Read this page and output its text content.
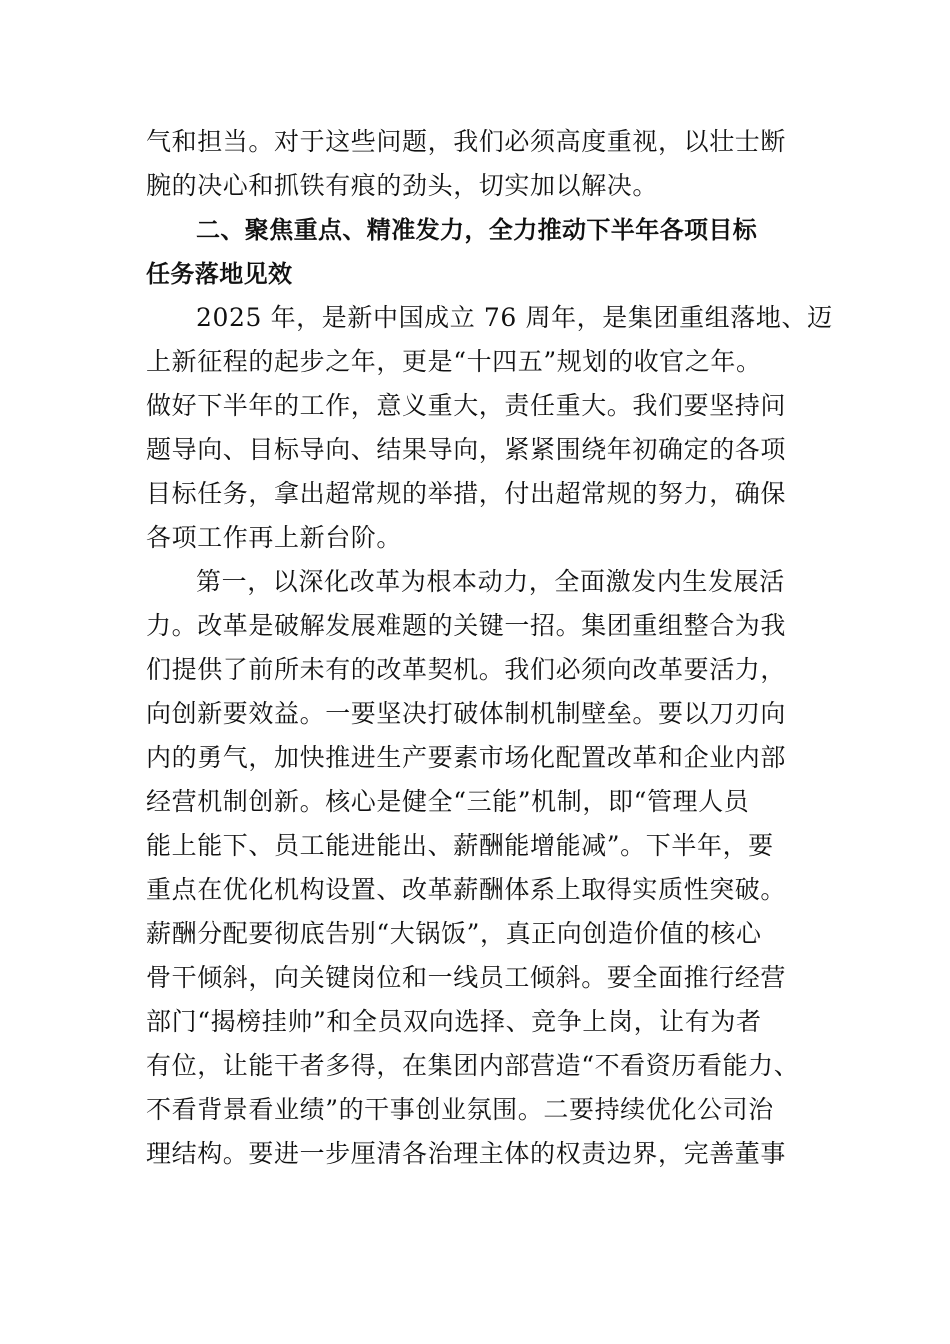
气和担当。对于这些问题，我们必须高度重视，以壮士断
腕的决心和抓铁有痕的劲头，切实加以解决。
二、聚焦重点、精准发力，全力推动下半年各项目标
任务落地见效
2025 年，是新中国成立 76 周年，是集团重组落地、迈
上新征程的起步之年，更是“十四五”规划的收官之年。
做好下半年的工作，意义重大，责任重大。我们要坚持问
题导向、目标导向、结果导向，紧紧围绕年初确定的各项
目标任务，拿出超常规的举措，付出超常规的努力，确保
各项工作再上新台阶。
第一，以深化改革为根本动力，全面激发内生发展活
力。改革是破解发展难题的关键一招。集团重组整合为我
们提供了前所未有的改革契机。我们必须向改革要活力，
向创新要效益。一要坚决打破体制机制壁垒。要以刀刃向
内的勇气，加快推进生产要素市场化配置改革和企业内部
经营机制创新。核心是健全“三能”机制，即“管理人员
能上能下、员工能进能出、薪酬能增能减”。下半年，要
重点在优化机构设置、改革薪酬体系上取得实质性突破。
薪酬分配要彻底告别“大锅饭”，真正向创造价值的核心
骨干倾斜，向关键岗位和一线员工倾斜。要全面推行经营
部门“揭榜挂帅”和全员双向选择、竞争上岗，让有为者
有位，让能干者多得，在集团内部营造“不看资历看能力、
不看背景看业绩”的干事创业氛围。二要持续优化公司治
理结构。要进一步厘清各治理主体的权责边界，完善董事
